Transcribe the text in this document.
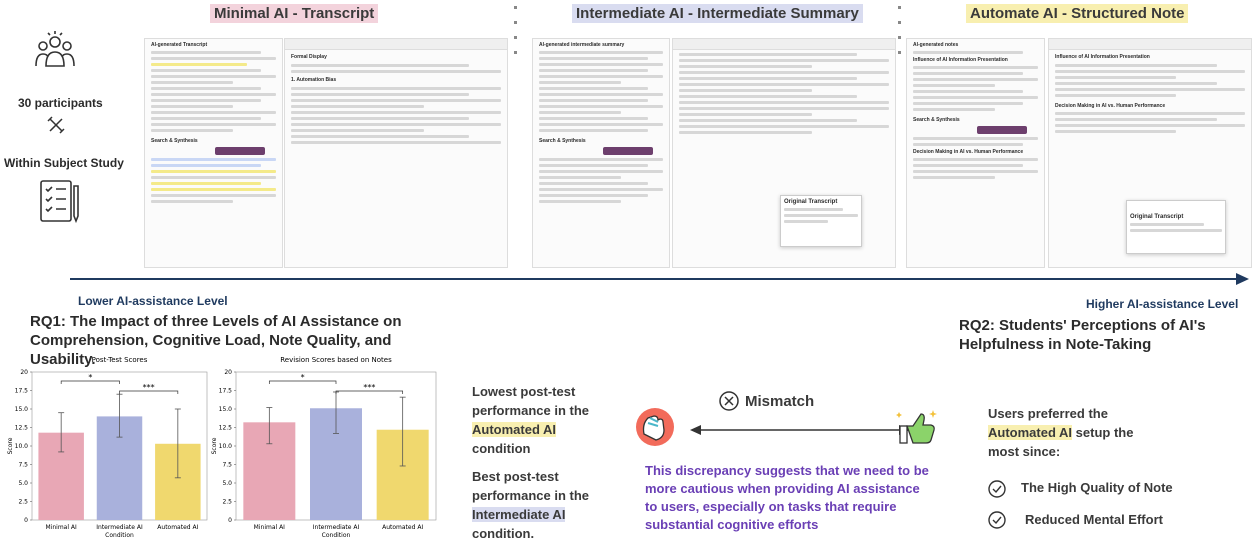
Minimal AI - Transcript	Intermediate AI - Intermediate Summary	Automate AI - Structured Note
30 participants
Within Subject Study
AI-generated Transcript
Search & Synthesis
Formal Display
1. Automation Bias
AI-generated intermediate summary
Search & Synthesis
Original Transcript
AI-generated notes
Influence of AI Information Presentation
Search & Synthesis
Decision Making in AI vs. Human Performance
Influence of AI Information Presentation
Decision Making in AI vs. Human Performance
Original Transcript
Lower AI-assistance Level	Higher AI-assistance Level
RQ1: The Impact of three Levels of AI Assistance on Comprehension, Cognitive Load, Note Quality, and Usability.
RQ2: Students' Perceptions of AI's Helpfulness in Note-Taking
Post-Test Scores
0
2.5
5.0
7.5
10.0
12.5
15.0
17.5
20
Score
Minimal AI	Intermediate AI Automated AI
Condition
*
***
Revision Scores based on Notes
0
2.5
5.0
7.5
10.0
12.5
15.0
17.5
20
Score
Minimal AI	Intermediate AI	Automated AI
Condition
*
***	Lowest post-test performance in the Automated AI condition
Best post-test performance in the Intermediate AI condition.
Mismatch
This discrepancy suggests that we need to be more cautious when providing AI assistance to users, especially on tasks that require substantial cognitive efforts
Users preferred the Automated AI setup the most since:
The High Quality of Note
Reduced Mental Effort
